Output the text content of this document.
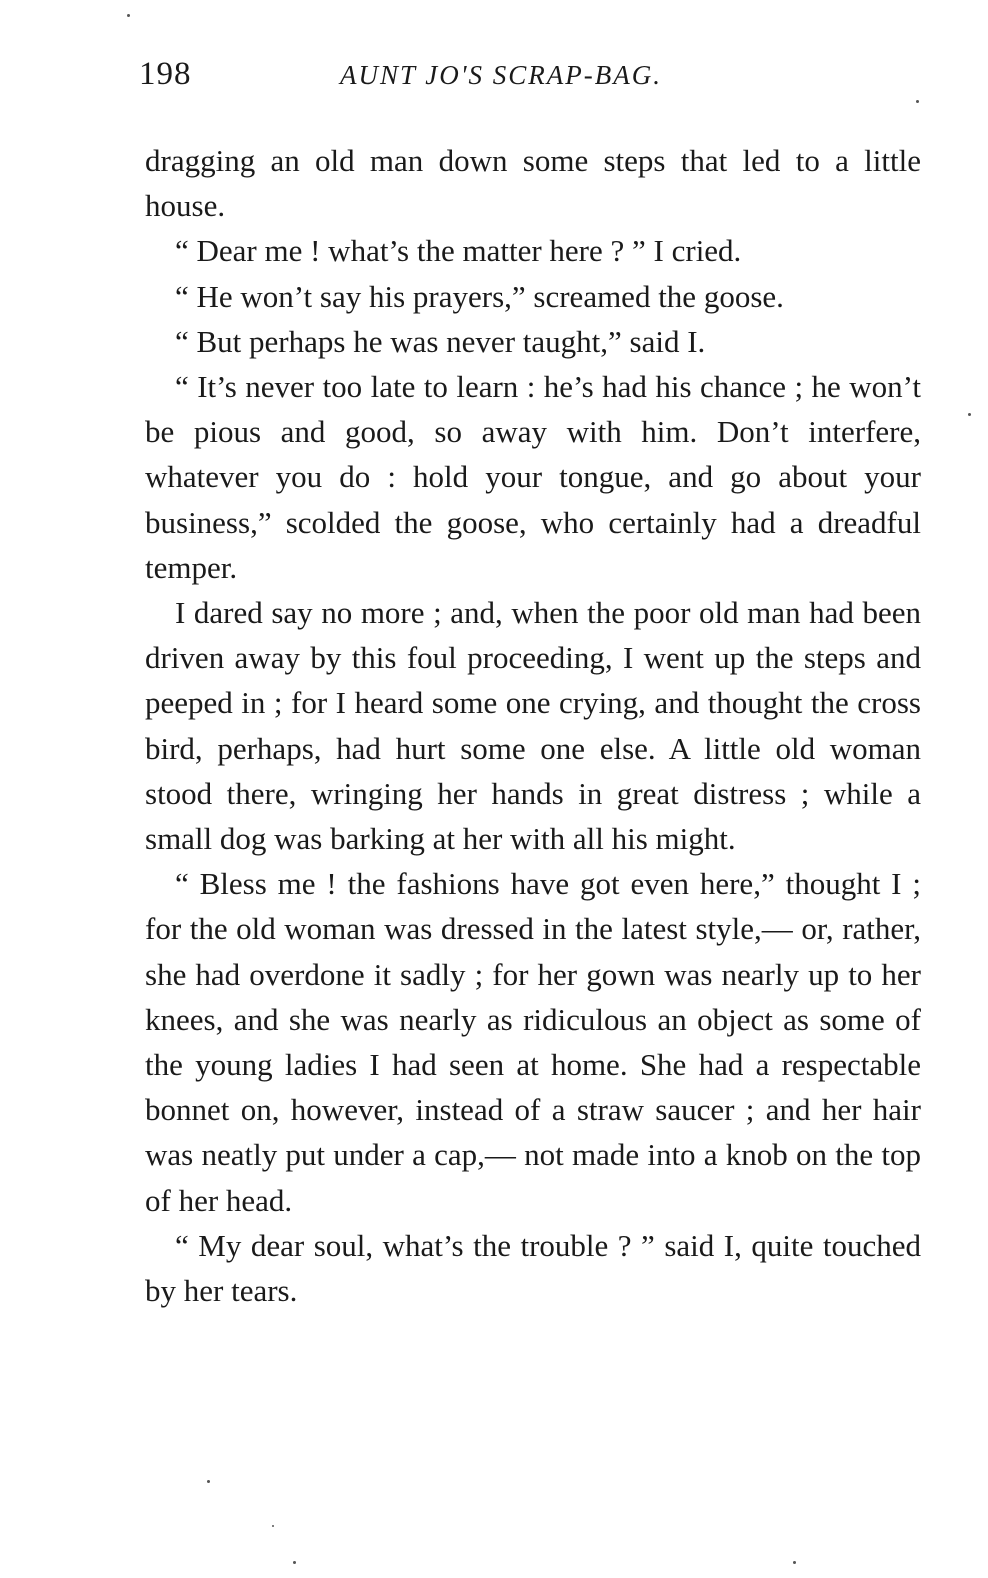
198	AUNT JO'S SCRAP-BAG.

dragging an old man down some steps that led to a little house.

“ Dear me ! what’s the matter here ? ” I cried.

“ He won’t say his prayers,” screamed the goose.

“ But perhaps he was never taught,” said I.

“ It’s never too late to learn : he’s had his chance ; he won’t be pious and good, so away with him. Don’t interfere, whatever you do : hold your tongue, and go about your business,” scolded the goose, who certainly had a dreadful temper.

I dared say no more ; and, when the poor old man had been driven away by this foul proceeding, I went up the steps and peeped in ; for I heard some one crying, and thought the cross bird, perhaps, had hurt some one else. A little old woman stood there, wringing her hands in great distress ; while a small dog was barking at her with all his might.

“ Bless me ! the fashions have got even here,” thought I ; for the old woman was dressed in the latest style,— or, rather, she had overdone it sadly ; for her gown was nearly up to her knees, and she was nearly as ridiculous an object as some of the young ladies I had seen at home. She had a respectable bonnet on, however, instead of a straw saucer ; and her hair was neatly put under a cap,— not made into a knob on the top of her head.

“ My dear soul, what’s the trouble ? ” said I, quite touched by her tears.
